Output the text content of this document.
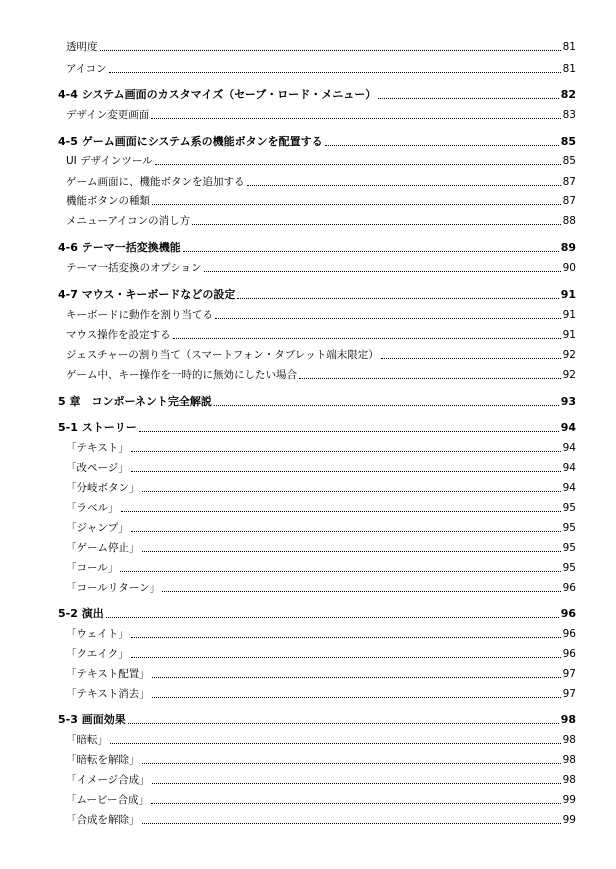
透明度	81
アイコン	81
4-4 システム画面のカスタマイズ（セーブ・ロード・メニュー）	82
デザイン変更画面	83
4-5 ゲーム画面にシステム系の機能ボタンを配置する	85
UI デザインツール	85
ゲーム画面に、機能ボタンを追加する	87
機能ボタンの種類	87
メニューアイコンの消し方	88
4-6 テーマ一括変換機能	89
テーマ一括変換のオプション	90
4-7 マウス・キーボードなどの設定	91
キーボードに動作を割り当てる	91
マウス操作を設定する	91
ジェスチャーの割り当て（スマートフォン・タブレット端末限定）	92
ゲーム中、キー操作を一時的に無効にしたい場合	92
5 章　コンポーネント完全解説	93
5-1 ストーリー	94
「テキスト」	94
「改ページ」	94
「分岐ボタン」	94
「ラベル」	95
「ジャンプ」	95
「ゲーム停止」	95
「コール」	95
「コールリターン」	96
5-2 演出	96
「ウェイト」	96
「クエイク」	96
「テキスト配置」	97
「テキスト消去」	97
5-3 画面効果	98
「暗転」	98
「暗転を解除」	98
「イメージ合成」	98
「ムービー合成」	99
「合成を解除」	99
